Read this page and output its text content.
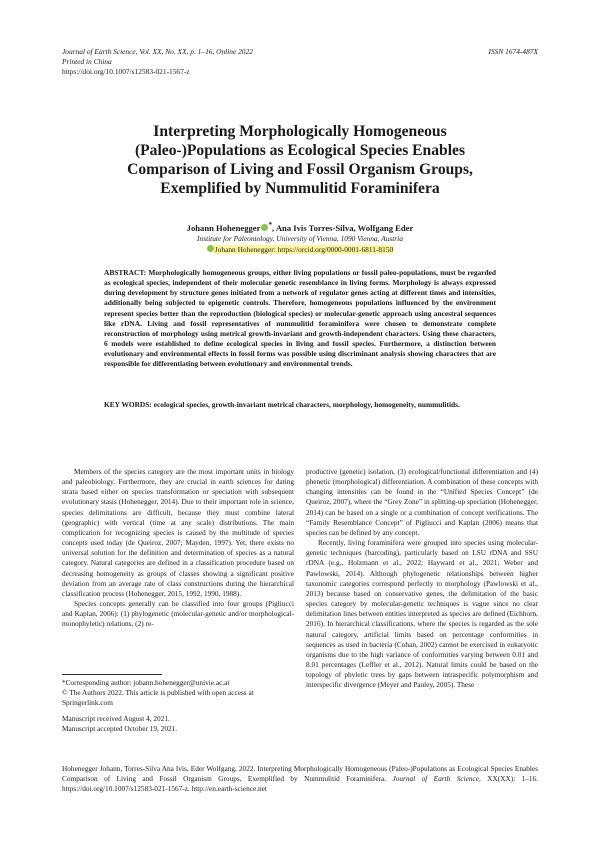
Journal of Earth Science, Vol. XX, No. XX, p. 1–16, Online 2022
Printed in China
https://doi.org/10.1007/s12583-021-1567-z
ISSN 1674-487X
Interpreting Morphologically Homogeneous
(Paleo-)Populations as Ecological Species Enables
Comparison of Living and Fossil Organism Groups,
Exemplified by Nummulitid Foraminifera
Johann Hohenegger *, Ana Ivis Torres-Silva, Wolfgang Eder
Institute for Paleontology, University of Vienna, 1090 Vienna, Austria
Johann Hohenegger: https://orcid.org/0000-0001-6811-8150
ABSTRACT: Morphologically homogeneous groups, either living populations or fossil paleo-populations, must be regarded as ecological species, independent of their molecular genetic resemblance in living forms. Morphology is always expressed during development by structure genes initiated from a network of regulator genes acting at different times and intensities, additionally being subjected to epigenetic controls. Therefore, homogeneous populations influenced by the environment represent species better than the reproduction (biological species) or molecular-genetic approach using ancestral sequences like rDNA. Living and fossil representatives of nummulitid foraminifera were chosen to demonstrate complete reconstruction of morphology using metrical growth-invariant and growth-independent characters. Using these characters, 6 models were established to define ecological species in living and fossil species. Furthermore, a distinction between evolutionary and environmental effects in fossil forms was possible using discriminant analysis showing characters that are responsible for differentiating between evolutionary and environmental trends.
KEY WORDS: ecological species, growth-invariant metrical characters, morphology, homogeneity, nummulitids.

Members of the species category are the most important units in biology and paleobiology. Furthermore, they are crucial in earth sciences for dating strata based either on species transformation or speciation with subsequent evolutionary stasis (Hohenegger, 2014). Due to their important role in science, species delimitations are difficult, because they must combine lateral (geographic) with vertical (time at any scale) distributions. The main complication for recognizing species is caused by the multitude of species concepts used today (de Queiroz, 2007; Mayden, 1997). Yet, there exists no universal solution for the definition and determination of species as a natural category. Natural categories are defined in a classification procedure based on decreasing homogeneity as groups of classes showing a significant positive deviation from an average rate of class constructions during the hierarchical classification process (Hohenegger, 2015, 1992, 1990, 1988).

Species concepts generally can be classified into four groups (Pigliucci and Kaplan, 2006): (1) phylogenetic (molecular-genetic and/or morphological-monophyletic) relations, (2) re-

*Corresponding author: johann.hohenegger@univie.ac.at
© The Authors 2022. This article is published with open access at Springerlink.com
Manuscript received August 4, 2021.
Manuscript accepted October 19, 2021.

productive (genetic) isolation, (3) ecological/functional differentiation and (4) phenetic (morphological) differentiation. A combination of these concepts with changing intensities can be found in the “Unified Species Concept” (de Queiroz, 2007), where the “Grey Zone” in splitting-up speciation (Hohenegger, 2014) can be based on a single or a combination of concept verifications. The “Family Resemblance Concept” of Pigliucci and Kaplan (2006) means that species can be defined by any concept.

Recently, living foraminifera were grouped into species using molecular-genetic techniques (barcoding), particularly based on LSU rDNA and SSU rDNA (e.g., Holzmann et al., 2022; Hayward et al., 2021; Weber and Pawlowski, 2014). Although phylogenetic relationships between higher taxonomic categories correspond perfectly to morphology (Pawlowski et al., 2013) because based on conservative genes, the delimitation of the basic species category by molecular-genetic techniques is vague since no clear delimitation lines between entities interpreted as species are defined (Eichhorn, 2016). In hierarchical classifications, where the species is regarded as the sole natural category, artificial limits based on percentage conformities in sequences as used in bacteria (Cohan, 2002) cannot be exercised in eukaryotic organisms due to the high variance of conformities varying between 0.01 and 8.01 percentages (Leffler et al., 2012). Natural limits could be based on the topology of phyletic trees by gaps between intraspecific polymorphism and interspecific divergence (Meyer and Pauley, 2005). These

Hohenegger Johann, Torres-Silva Ana Ivis, Eder Wolfgang, 2022. Interpreting Morphologically Homogeneous (Paleo-)Populations as Ecological Species Enables Comparison of Living and Fossil Organism Groups, Exemplified by Nummulitid Foraminifera. Journal of Earth Science, XX(XX): 1–16. https://doi.org/10.1007/s12583-021-1567-z. http://en.earth-science.net
